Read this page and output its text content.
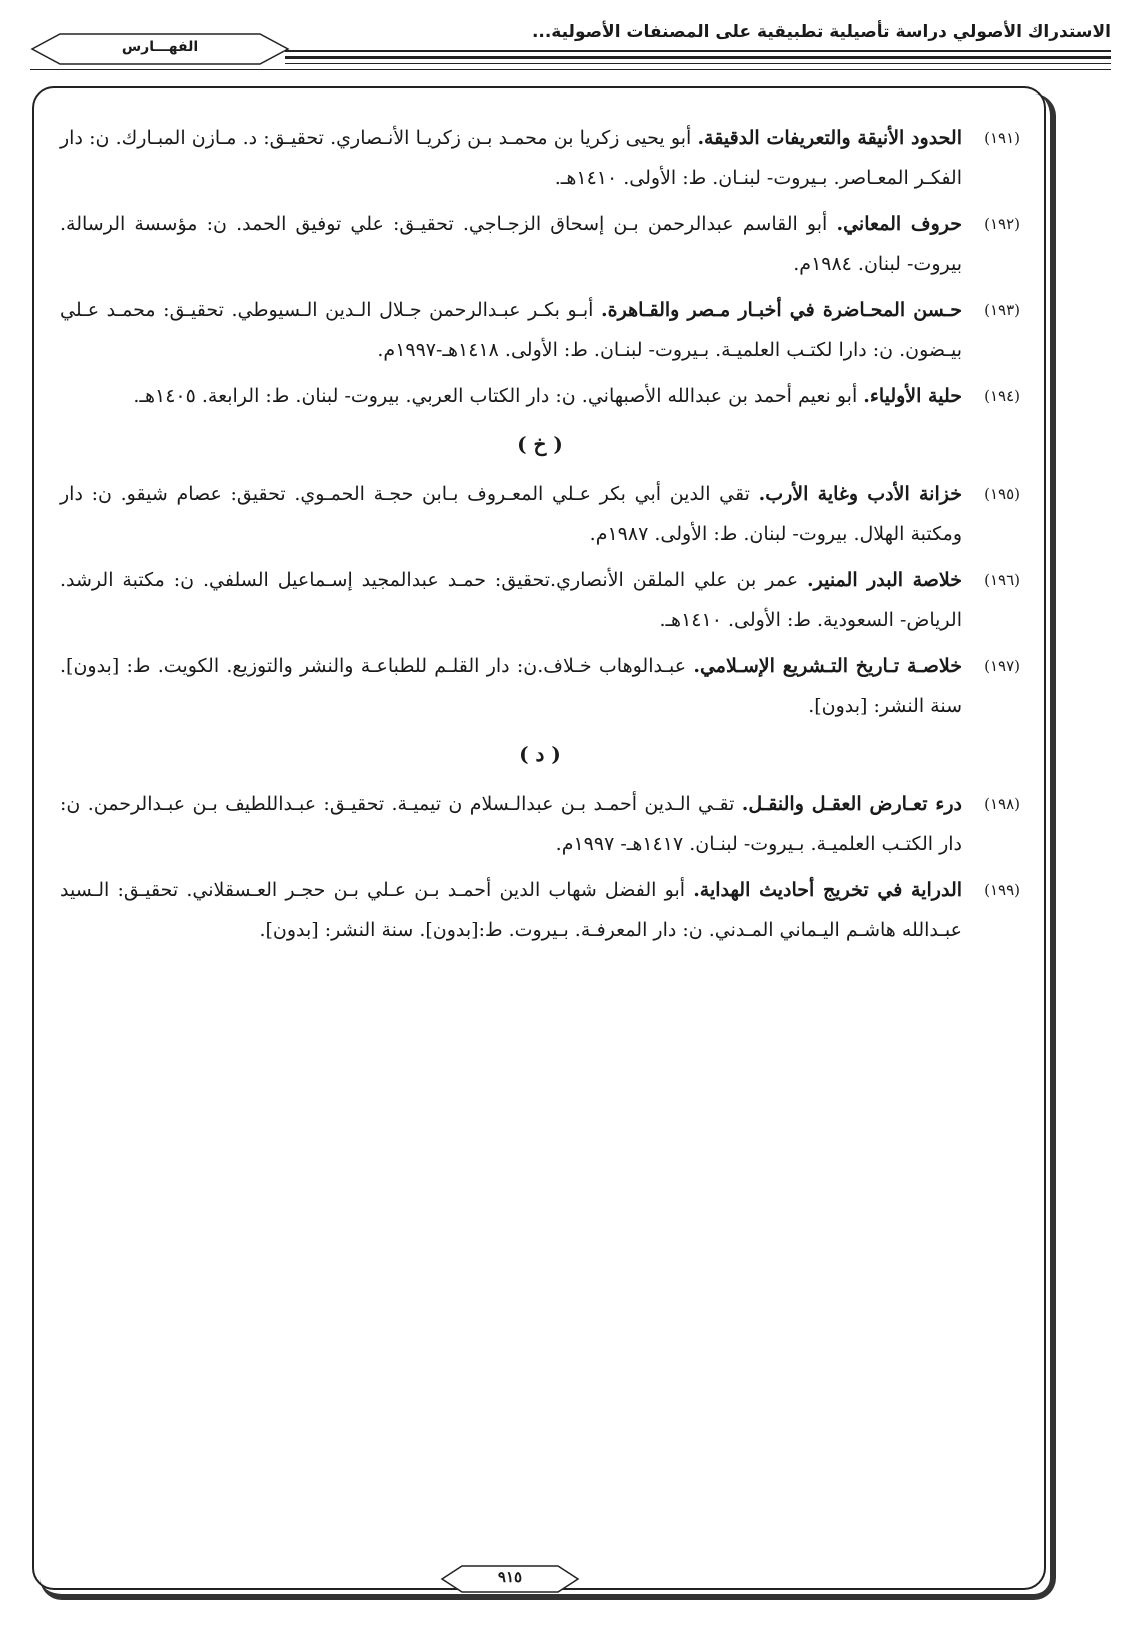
الاستدراك الأصولي دراسة تأصيلية تطبيقية على المصنفات الأصولية...
الفهـــارس
(١٩١)
الحدود الأنيقة والتعريفات الدقيقة. أبو يحيى زكريا بن محمـد بـن زكريـا الأنـصاري. تحقيـق: د. مـازن المبـارك. ن: دار الفكـر المعـاصر. بـيروت- لبنـان. ط: الأولى. ١٤١٠هـ.
(١٩٢)
حروف المعاني. أبو القاسم عبدالرحمن بـن إسحاق الزجـاجي. تحقيـق: علي توفيق الحمد. ن: مؤسسة الرسالة. بيروت- لبنان. ١٩٨٤م.
(١٩٣)
حـسن المحـاضرة في أخبـار مـصر والقـاهرة. أبـو بكـر عبـدالرحمن جـلال الـدين الـسيوطي. تحقيـق: محمـد عـلي بيـضون. ن: دارا لكتـب العلميـة. بـيروت- لبنـان. ط: الأولى. ١٤١٨هـ-١٩٩٧م.
(١٩٤)
حلية الأولياء. أبو نعيم أحمد بن عبدالله الأصبهاني. ن: دار الكتاب العربي. بيروت- لبنان. ط: الرابعة. ١٤٠٥هـ.
( خ )
(١٩٥)
خزانة الأدب وغاية الأرب. تقي الدين أبي بكر عـلي المعـروف بـابن حجـة الحمـوي. تحقيق: عصام شيقو. ن: دار ومكتبة الهلال. بيروت- لبنان. ط: الأولى. ١٩٨٧م.
(١٩٦)
خلاصة البدر المنير. عمر بن علي الملقن الأنصاري.تحقيق: حمـد عبدالمجيد إسـماعيل السلفي. ن: مكتبة الرشد. الرياض- السعودية. ط: الأولى. ١٤١٠هـ.
(١٩٧)
خلاصـة تـاريخ التـشريع الإسـلامي. عبـدالوهاب خـلاف.ن: دار القلـم للطباعـة والنشر والتوزيع. الكويت. ط: [بدون]. سنة النشر: [بدون].
( د )
(١٩٨)
درء تعـارض العقـل والنقـل. تقـي الـدين أحمـد بـن عبدالـسلام ن تيميـة. تحقيـق: عبـداللطيف بـن عبـدالرحمن. ن: دار الكتـب العلميـة. بـيروت- لبنـان. ١٤١٧هـ- ١٩٩٧م.
(١٩٩)
الدراية في تخريج أحاديث الهداية. أبو الفضل شهاب الدين أحمـد بـن عـلي بـن حجـر العـسقلاني. تحقيـق: الـسيد عبـدالله هاشـم اليـماني المـدني. ن: دار المعرفـة. بـيروت. ط:[بدون]. سنة النشر: [بدون].
٩١٥
